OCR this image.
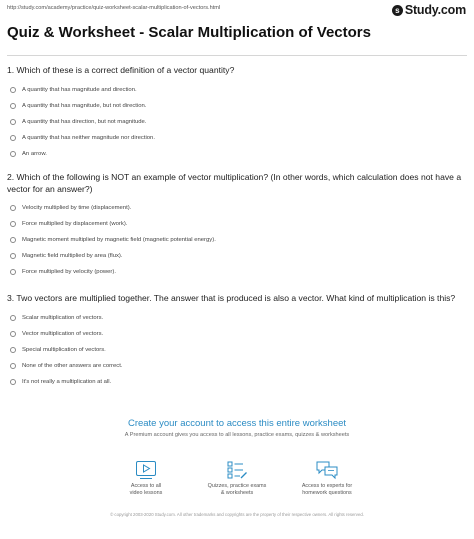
http://study.com/academy/practice/quiz-worksheet-scalar-multiplication-of-vectors.html	s Study.com
Quiz & Worksheet - Scalar Multiplication of Vectors
1. Which of these is a correct definition of a vector quantity?
A quantity that has magnitude and direction.
A quantity that has magnitude, but not direction.
A quantity that has direction, but not magnitude.
A quantity that has neither magnitude nor direction.
An arrow.
2. Which of the following is NOT an example of vector multiplication? (In other words, which calculation does not have a vector for an answer?)
Velocity multiplied by time (displacement).
Force multiplied by displacement (work).
Magnetic moment multiplied by magnetic field (magnetic potential energy).
Magnetic field multiplied by area (flux).
Force multiplied by velocity (power).
3. Two vectors are multiplied together. The answer that is produced is also a vector. What kind of multiplication is this?
Scalar multiplication of vectors.
Vector multiplication of vectors.
Special multiplication of vectors.
None of the other answers are correct.
It's not really a multiplication at all.
Create your account to access this entire worksheet
A Premium account gives you access to all lessons, practice exams, quizzes & worksheets
Access to all
video lessons
Quizzes, practice exams
& worksheets
Access to experts for
homework questions
© copyright 2003-2020 Study.com. All other trademarks and copyrights are the property of their respective owners. All rights reserved.
